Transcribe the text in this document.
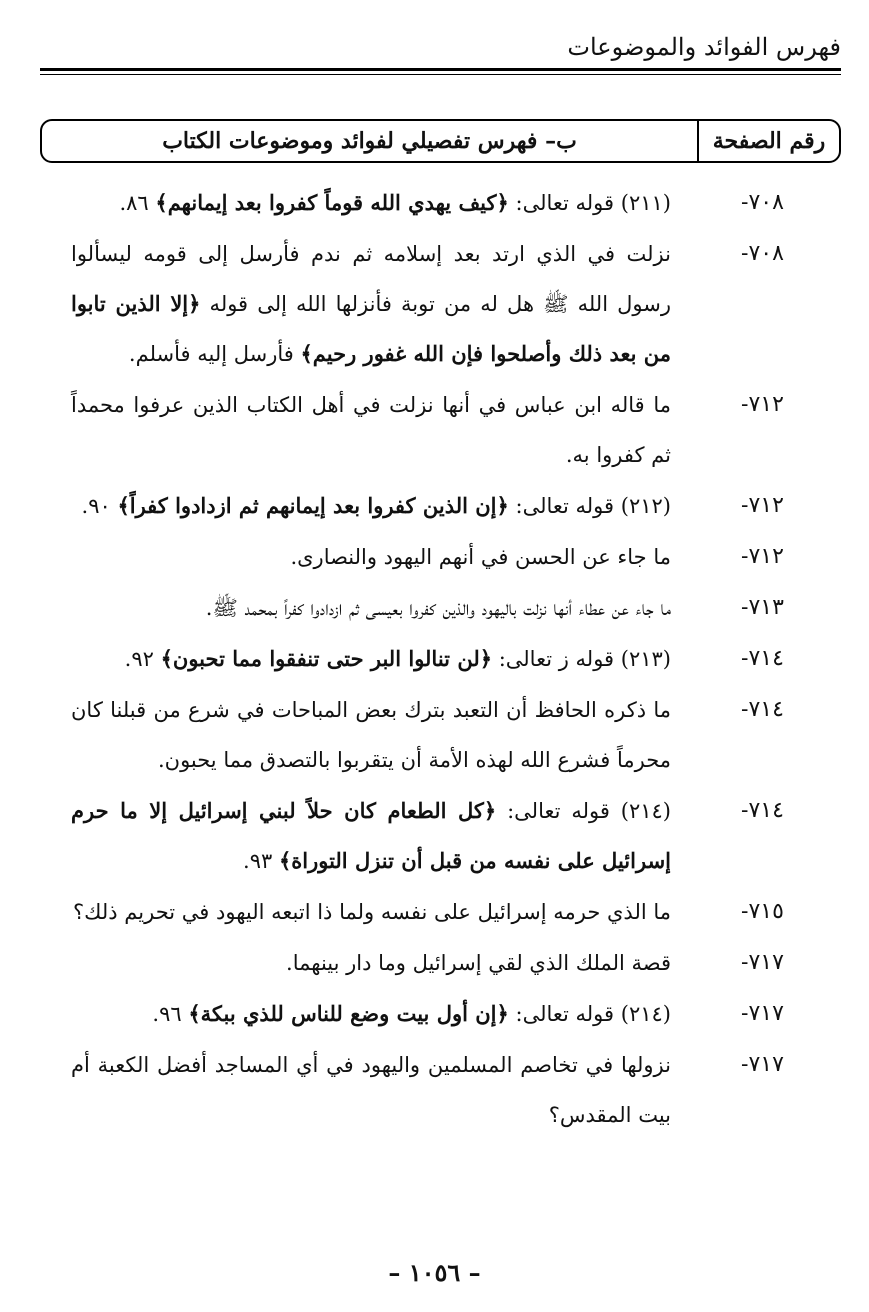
فهرس الفوائد والموضوعات
رقم الصفحة
ب– فهرس تفصيلي لفوائد وموضوعات الكتاب
٧٠٨-
(٢١١) قوله تعالى: ﴿كيف يهدي الله قوماً كفروا بعد إيمانهم﴾ ٨٦.
٧٠٨-
نزلت في الذي ارتد بعد إسلامه ثم ندم فأرسل إلى قومه ليسألوا رسول الله ﷺ هل له من توبة فأنزلها الله إلى قوله ﴿إلا الذين تابوا من بعد ذلك وأصلحوا فإن الله غفور رحيم﴾ فأرسل إليه فأسلم.
٧١٢-
ما قاله ابن عباس في أنها نزلت في أهل الكتاب الذين عرفوا محمداً ثم كفروا به.
٧١٢-
(٢١٢) قوله تعالى: ﴿إن الذين كفروا بعد إيمانهم ثم ازدادوا كفراً﴾ ٩٠.
٧١٢-
ما جاء عن الحسن في أنهم اليهود والنصارى.
٧١٣-
ما جاء عن عطاء أنها نزلت باليهود والذين كفروا بعيسى ثم ازدادوا كفراً بمحمد ﷺ.
٧١٤-
(٢١٣) قوله ز تعالى: ﴿لن تنالوا البر حتى تنفقوا مما تحبون﴾ ٩٢.
٧١٤-
ما ذكره الحافظ أن التعبد بترك بعض المباحات في شرع من قبلنا كان محرماً فشرع الله لهذه الأمة أن يتقربوا بالتصدق مما يحبون.
٧١٤-
(٢١٤) قوله تعالى: ﴿كل الطعام كان حلاً لبني إسرائيل إلا ما حرم إسرائيل على نفسه من قبل أن تنزل التوراة﴾ ٩٣.
٧١٥-
ما الذي حرمه إسرائيل على نفسه ولما ذا اتبعه اليهود في تحريم ذلك؟
٧١٧-
قصة الملك الذي لقي إسرائيل وما دار بينهما.
٧١٧-
(٢١٤) قوله تعالى: ﴿إن أول بيت وضع للناس للذي ببكة﴾ ٩٦.
٧١٧-
نزولها في تخاصم المسلمين واليهود في أي المساجد أفضل الكعبة أم بيت المقدس؟
– ١٠٥٦ –
